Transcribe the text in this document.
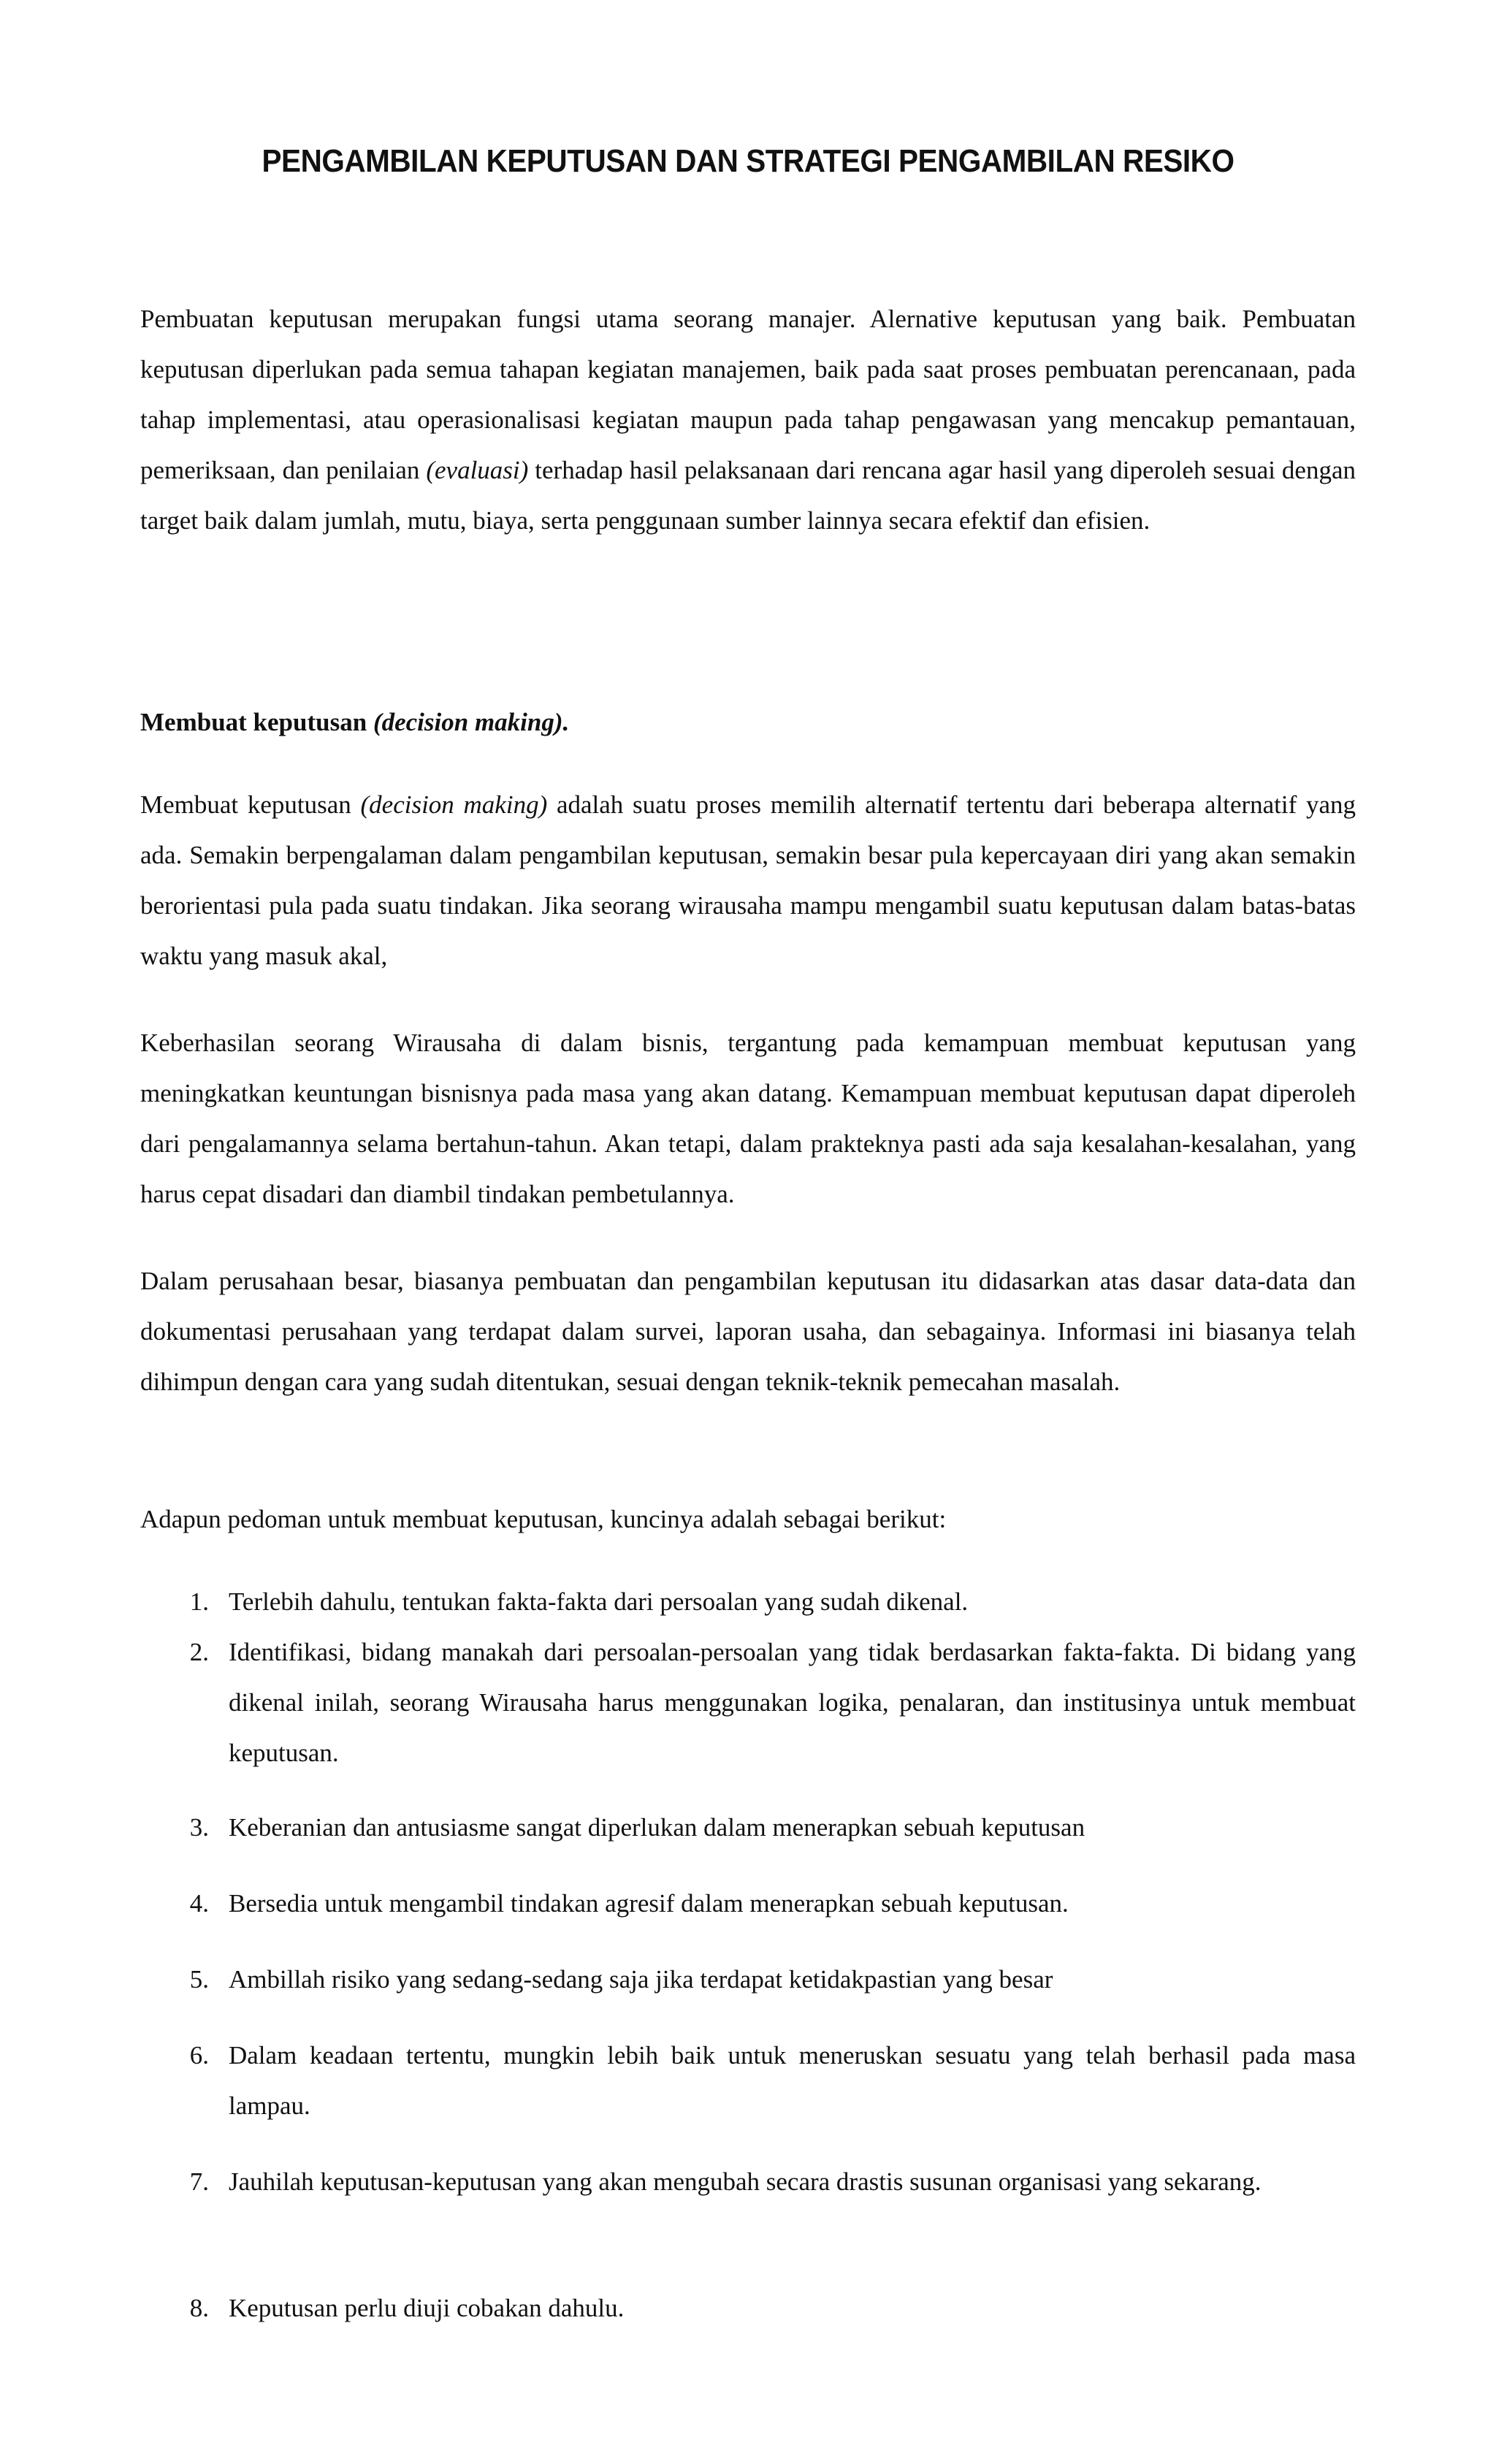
PENGAMBILAN KEPUTUSAN DAN STRATEGI PENGAMBILAN RESIKO

Pembuatan keputusan merupakan fungsi utama seorang manajer. Alernative keputusan yang baik. Pembuatan keputusan diperlukan pada semua tahapan kegiatan manajemen, baik pada saat proses pembuatan perencanaan, pada tahap implementasi, atau operasionalisasi kegiatan maupun pada tahap pengawasan yang mencakup pemantauan, pemeriksaan, dan penilaian (evaluasi) terhadap hasil pelaksanaan dari rencana agar hasil yang diperoleh sesuai dengan target baik dalam jumlah, mutu, biaya, serta penggunaan sumber lainnya secara efektif dan efisien.

Membuat keputusan (decision making).

Membuat keputusan (decision making) adalah suatu proses memilih alternatif tertentu dari beberapa alternatif yang ada. Semakin berpengalaman dalam pengambilan keputusan, semakin besar pula kepercayaan diri yang akan semakin berorientasi pula pada suatu tindakan. Jika seorang wirausaha mampu mengambil suatu keputusan dalam batas-batas waktu yang masuk akal,

Keberhasilan seorang Wirausaha di dalam bisnis, tergantung pada kemampuan membuat keputusan yang meningkatkan keuntungan bisnisnya pada masa yang akan datang. Kemampuan membuat keputusan dapat diperoleh dari pengalamannya selama bertahun-tahun. Akan tetapi, dalam prakteknya pasti ada saja kesalahan-kesalahan, yang harus cepat disadari dan diambil tindakan pembetulannya.

Dalam perusahaan besar, biasanya pembuatan dan pengambilan keputusan itu didasarkan atas dasar data-data dan dokumentasi perusahaan yang terdapat dalam survei, laporan usaha, dan sebagainya. Informasi ini biasanya telah dihimpun dengan cara yang sudah ditentukan, sesuai dengan teknik-teknik pemecahan masalah.

Adapun pedoman untuk membuat keputusan, kuncinya adalah sebagai berikut:

1. Terlebih dahulu, tentukan fakta-fakta dari persoalan yang sudah dikenal.
2. Identifikasi, bidang manakah dari persoalan-persoalan yang tidak berdasarkan fakta-fakta. Di bidang yang dikenal inilah, seorang Wirausaha harus menggunakan logika, penalaran, dan institusinya untuk membuat keputusan.
3. Keberanian dan antusiasme sangat diperlukan dalam menerapkan sebuah keputusan
4. Bersedia untuk mengambil tindakan agresif dalam menerapkan sebuah keputusan.
5. Ambillah risiko yang sedang-sedang saja jika terdapat ketidakpastian yang besar
6. Dalam keadaan tertentu, mungkin lebih baik untuk meneruskan sesuatu yang telah berhasil pada masa lampau.
7. Jauhilah keputusan-keputusan yang akan mengubah secara drastis susunan organisasi yang sekarang.
8. Keputusan perlu diuji cobakan dahulu.
